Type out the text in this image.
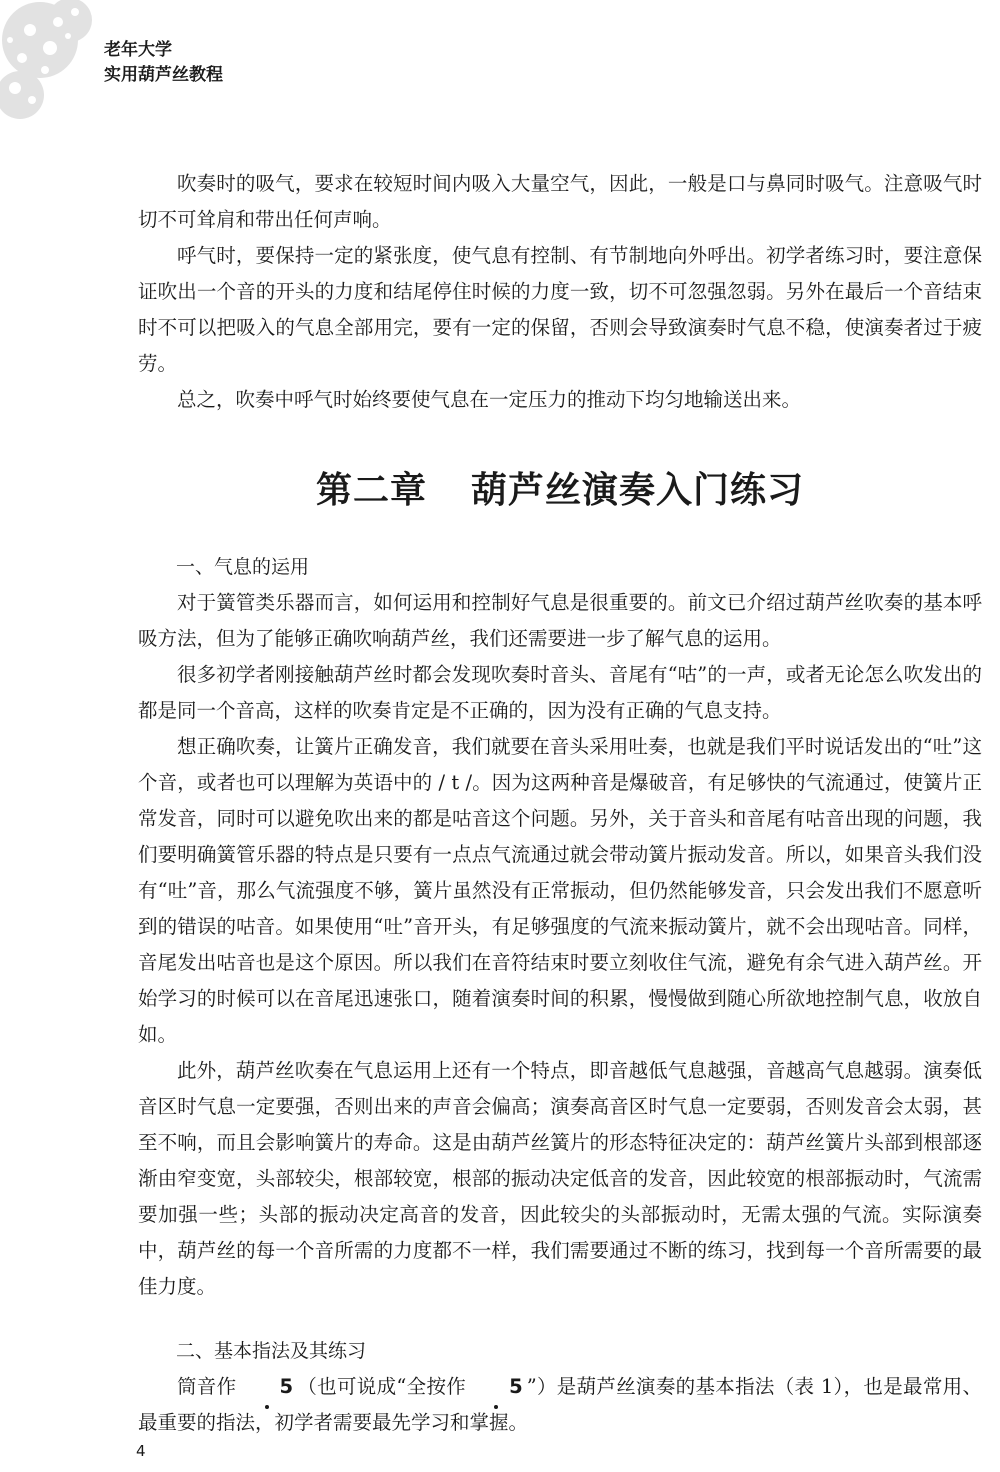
老年大学
实用葫芦丝教程

吹奏时的吸气，要求在较短时间内吸入大量空气，因此，一般是口与鼻同时吸气。注意吸气时切不可耸肩和带出任何声响。

呼气时，要保持一定的紧张度，使气息有控制、有节制地向外呼出。初学者练习时，要注意保证吹出一个音的开头的力度和结尾停住时候的力度一致，切不可忽强忽弱。另外在最后一个音结束时不可以把吸入的气息全部用完，要有一定的保留，否则会导致演奏时气息不稳，使演奏者过于疲劳。

总之，吹奏中呼气时始终要使气息在一定压力的推动下均匀地输送出来。

第二章 葫芦丝演奏入门练习

一、气息的运用

对于簧管类乐器而言，如何运用和控制好气息是很重要的。前文已介绍过葫芦丝吹奏的基本呼吸方法，但为了能够正确吹响葫芦丝，我们还需要进一步了解气息的运用。

很多初学者刚接触葫芦丝时都会发现吹奏时音头、音尾有“咕”的一声，或者无论怎么吹发出的都是同一个音高，这样的吹奏肯定是不正确的，因为没有正确的气息支持。

想正确吹奏，让簧片正确发音，我们就要在音头采用吐奏，也就是我们平时说话发出的“吐”这个音，或者也可以理解为英语中的 / t /。因为这两种音是爆破音，有足够快的气流通过，使簧片正常发音，同时可以避免吹出来的都是咕音这个问题。另外，关于音头和音尾有咕音出现的问题，我们要明确簧管乐器的特点是只要有一点点气流通过就会带动簧片振动发音。所以，如果音头我们没有“吐”音，那么气流强度不够，簧片虽然没有正常振动，但仍然能够发音，只会发出我们不愿意听到的错误的咕音。如果使用“吐”音开头，有足够强度的气流来振动簧片，就不会出现咕音。同样，音尾发出咕音也是这个原因。所以我们在音符结束时要立刻收住气流，避免有余气进入葫芦丝。开始学习的时候可以在音尾迅速张口，随着演奏时间的积累，慢慢做到随心所欲地控制气息，收放自如。

此外，葫芦丝吹奏在气息运用上还有一个特点，即音越低气息越强，音越高气息越弱。演奏低音区时气息一定要强，否则出来的声音会偏高；演奏高音区时气息一定要弱，否则发音会太弱，甚至不响，而且会影响簧片的寿命。这是由葫芦丝簧片的形态特征决定的：葫芦丝簧片头部到根部逐渐由窄变宽，头部较尖，根部较宽，根部的振动决定低音的发音，因此较宽的根部振动时，气流需要加强一些；头部的振动决定高音的发音，因此较尖的头部振动时，无需太强的气流。实际演奏中，葫芦丝的每一个音所需的力度都不一样，我们需要通过不断的练习，找到每一个音所需要的最佳力度。

二、基本指法及其练习

筒音作 5 （也可说成“全按作 5 ”）是葫芦丝演奏的基本指法（表 1），也是最常用、最重要的指法，初学者需要最先学习和掌握。

4
